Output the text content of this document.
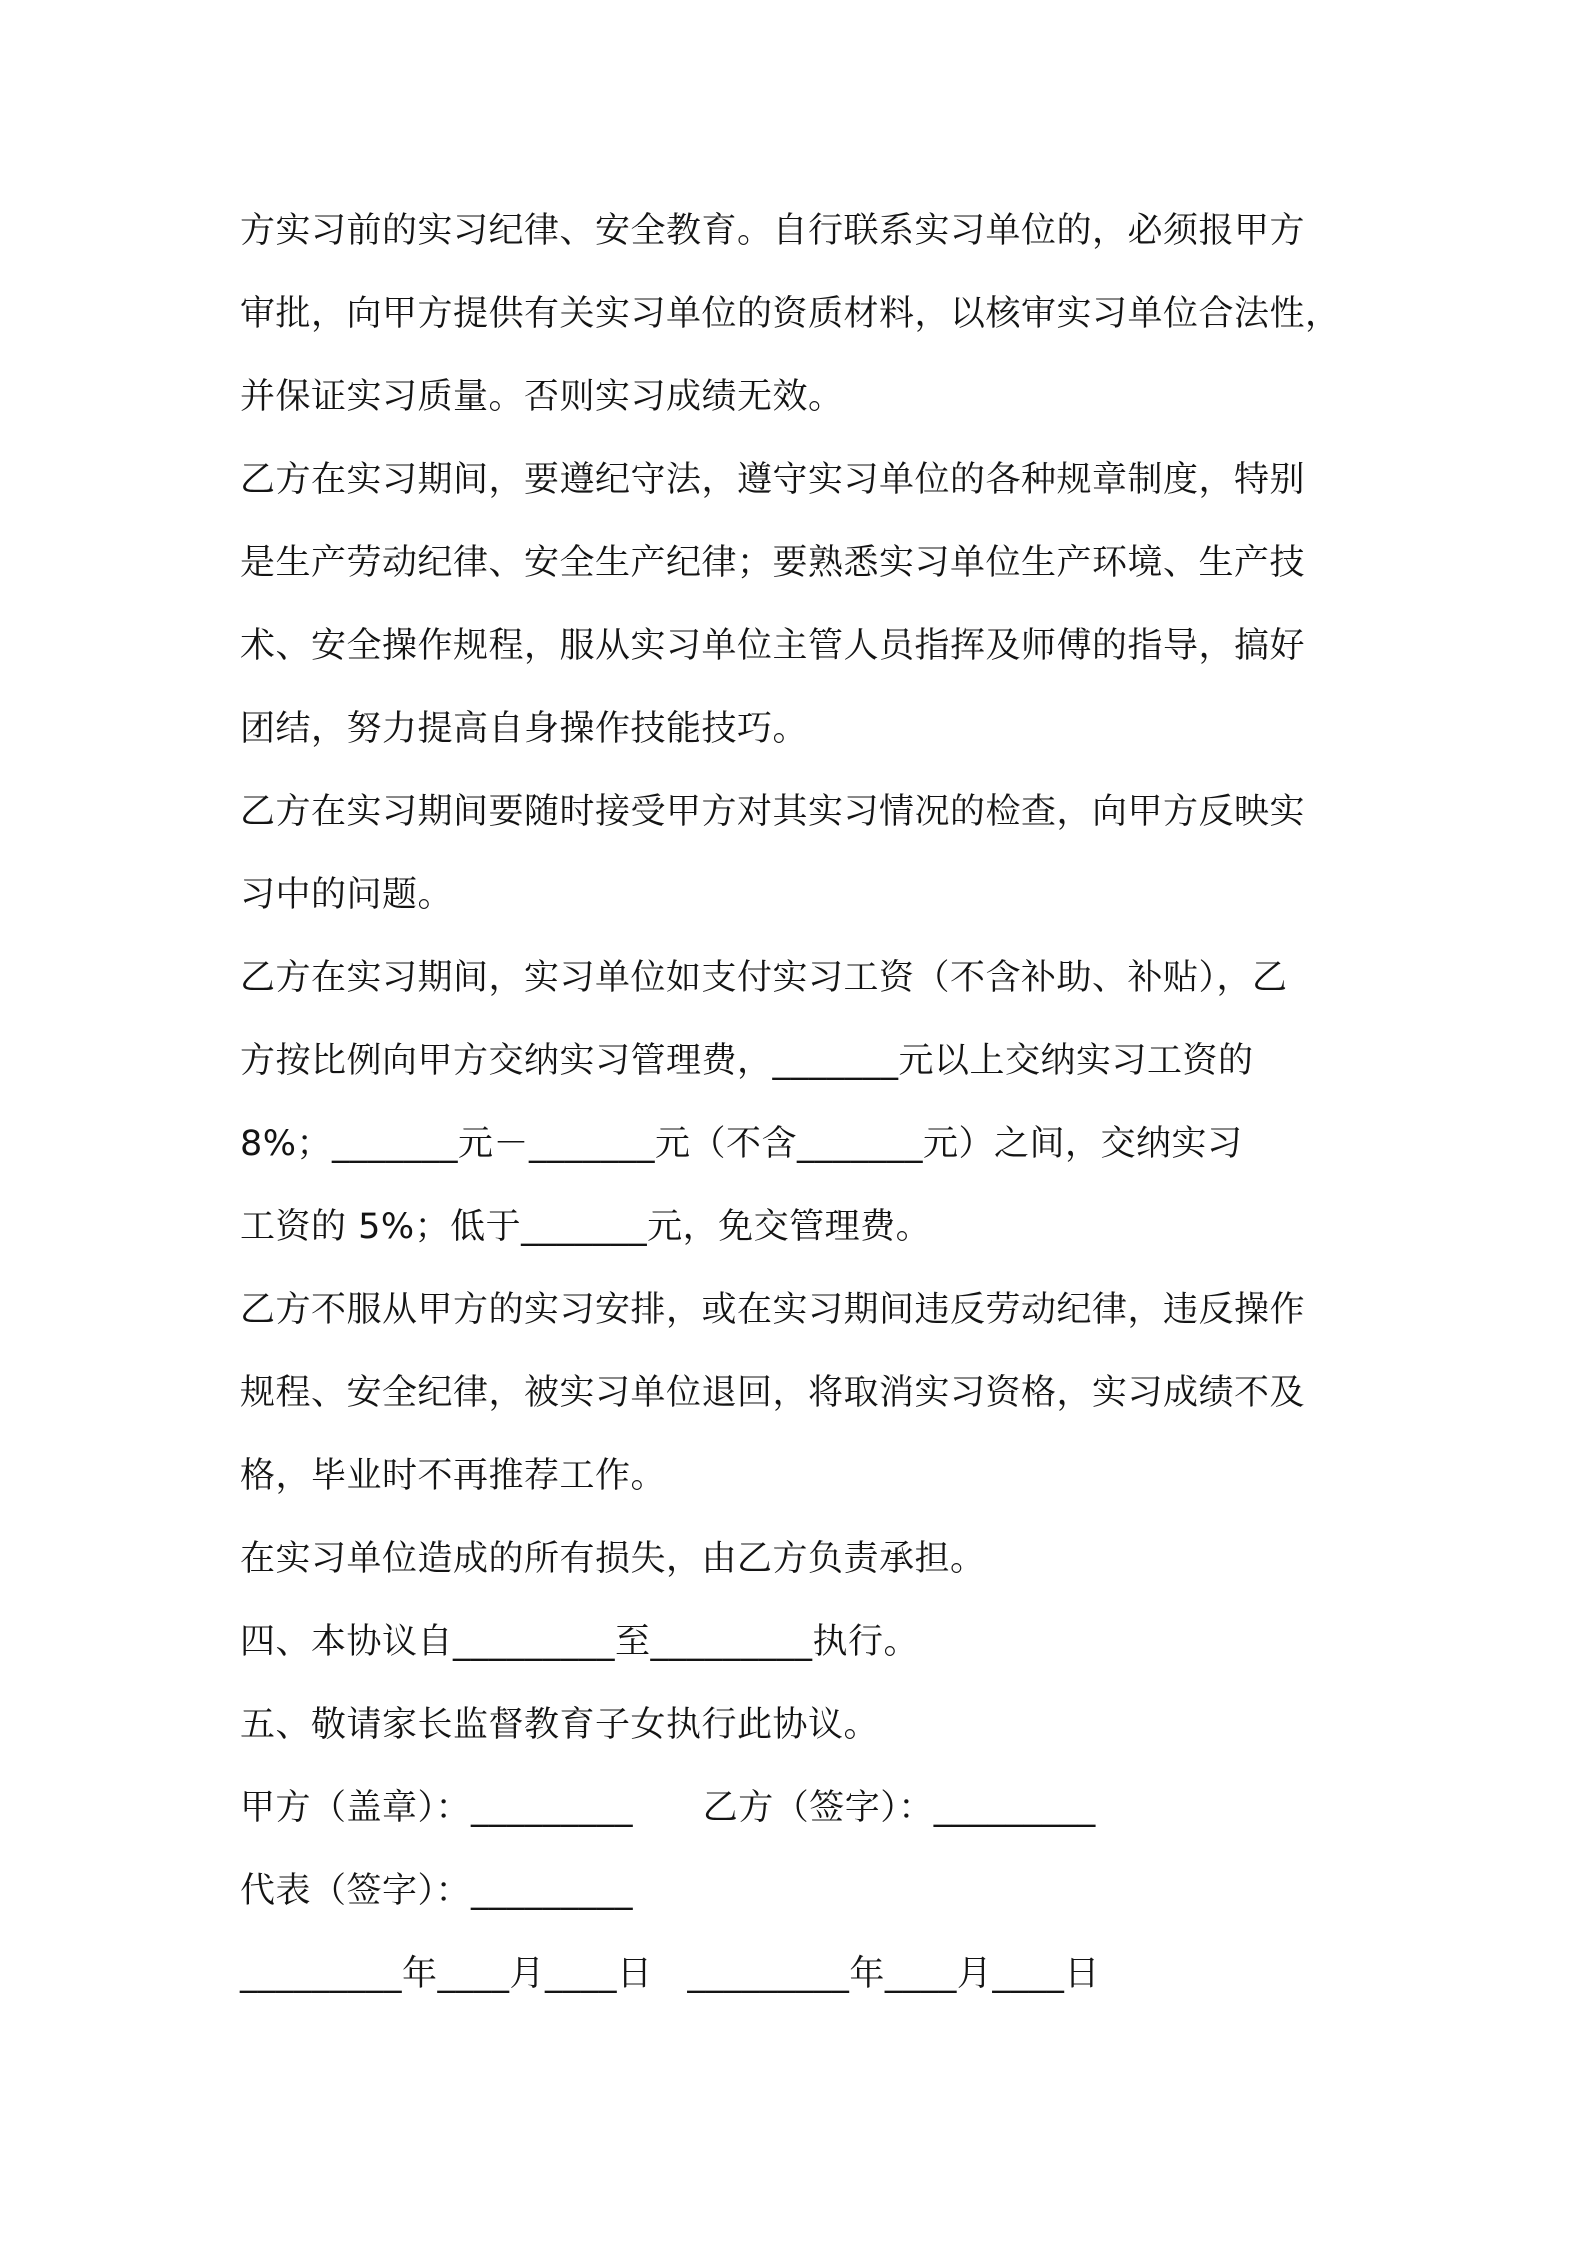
方实习前的实习纪律、安全教育。自行联系实习单位的，必须报甲方
审批，向甲方提供有关实习单位的资质材料，以核审实习单位合法性，
并保证实习质量。否则实习成绩无效。
乙方在实习期间，要遵纪守法，遵守实习单位的各种规章制度，特别
是生产劳动纪律、安全生产纪律；要熟悉实习单位生产环境、生产技
术、安全操作规程，服从实习单位主管人员指挥及师傅的指导，搞好
团结，努力提高自身操作技能技巧。
乙方在实习期间要随时接受甲方对其实习情况的检查，向甲方反映实
习中的问题。
乙方在实习期间，实习单位如支付实习工资（不含补助、补贴），乙
方按比例向甲方交纳实习管理费，_______元以上交纳实习工资的
8%；_______元－_______元（不含_______元）之间，交纳实习
工资的 5%；低于_______元，免交管理费。
乙方不服从甲方的实习安排，或在实习期间违反劳动纪律，违反操作
规程、安全纪律，被实习单位退回，将取消实习资格，实习成绩不及
格，毕业时不再推荐工作。
在实习单位造成的所有损失，由乙方负责承担。
四、本协议自_________至_________执行。
五、敬请家长监督教育子女执行此协议。
甲方（盖章）：_________      乙方（签字）：_________
代表（签字）：_________
_________年____月____日   _________年____月____日
